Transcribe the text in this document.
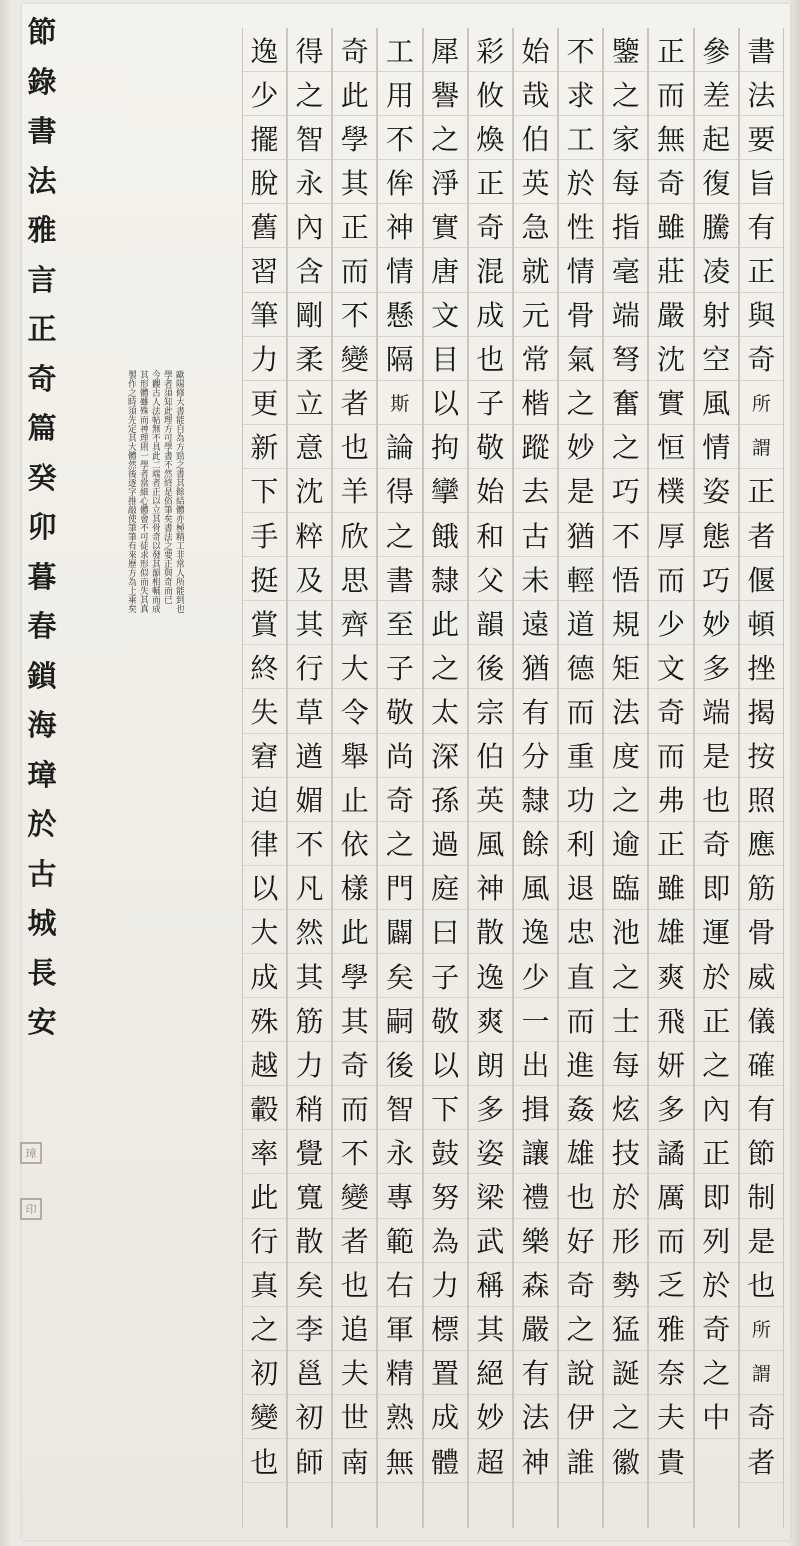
節
錄
書
法
雅
言
正
奇
篇
癸
卯
暮
春
鎖
海
璋
於
古
城
長
安
璋
印
歐陽修大書能自為方勁之書其餘結體亦極精工非常人所能到也
學者須知此理方可學書不然終是俗筆矣書法之要正與奇而已
今觀古人法帖無不具此二端者正以立其骨奇以發其韻相輔而成
其形體雖殊而神理則一學者當細心體會不可徒求形似而失其真
製作之時須先定其大體然後逐字推敲使筆筆有來歷方為上乘矣
書
法
要
旨
有
正
與
奇
所
謂
正
者
偃
頓
挫
揭
按
照
應
筋
骨
威
儀
確
有
節
制
是
也
所
謂
奇
者
參
差
起
復
騰
凌
射
空
風
情
姿
態
巧
妙
多
端
是
也
奇
即
運
於
正
之
內
正
即
列
於
奇
之
中
正
而
無
奇
雖
莊
嚴
沈
實
恒
樸
厚
而
少
文
奇
而
弗
正
雖
雄
爽
飛
妍
多
譎
厲
而
乏
雅
奈
夫
貴
鑒
之
家
每
指
毫
端
弩
奮
之
巧
不
悟
規
矩
法
度
之
逾
臨
池
之
士
每
炫
技
於
形
勢
猛
誕
之
徽
不
求
工
於
性
情
骨
氣
之
妙
是
猶
輕
道
德
而
重
功
利
退
忠
直
而
進
姦
雄
也
好
奇
之
說
伊
誰
始
哉
伯
英
急
就
元
常
楷
蹤
去
古
未
遠
猶
有
分
隸
餘
風
逸
少
一
出
揖
讓
禮
樂
森
嚴
有
法
神
彩
攸
煥
正
奇
混
成
也
子
敬
始
和
父
韻
後
宗
伯
英
風
神
散
逸
爽
朗
多
姿
梁
武
稱
其
絕
妙
超
犀
譽
之
淨
實
唐
文
目
以
拘
攣
餓
隸
此
之
太
深
孫
過
庭
曰
子
敬
以
下
鼓
努
為
力
標
置
成
體
工
用
不
侔
神
情
懸
隔
斯
論
得
之
書
至
子
敬
尚
奇
之
門
闢
矣
嗣
後
智
永
專
範
右
軍
精
熟
無
奇
此
學
其
正
而
不
變
者
也
羊
欣
思
齊
大
令
舉
止
依
樣
此
學
其
奇
而
不
變
者
也
追
夫
世
南
得
之
智
永
內
含
剛
柔
立
意
沈
粹
及
其
行
草
遒
媚
不
凡
然
其
筋
力
稍
覺
寬
散
矣
李
邕
初
師
逸
少
擺
脫
舊
習
筆
力
更
新
下
手
挺
賞
終
失
窘
迫
律
以
大
成
殊
越
轂
率
此
行
真
之
初
變
也
